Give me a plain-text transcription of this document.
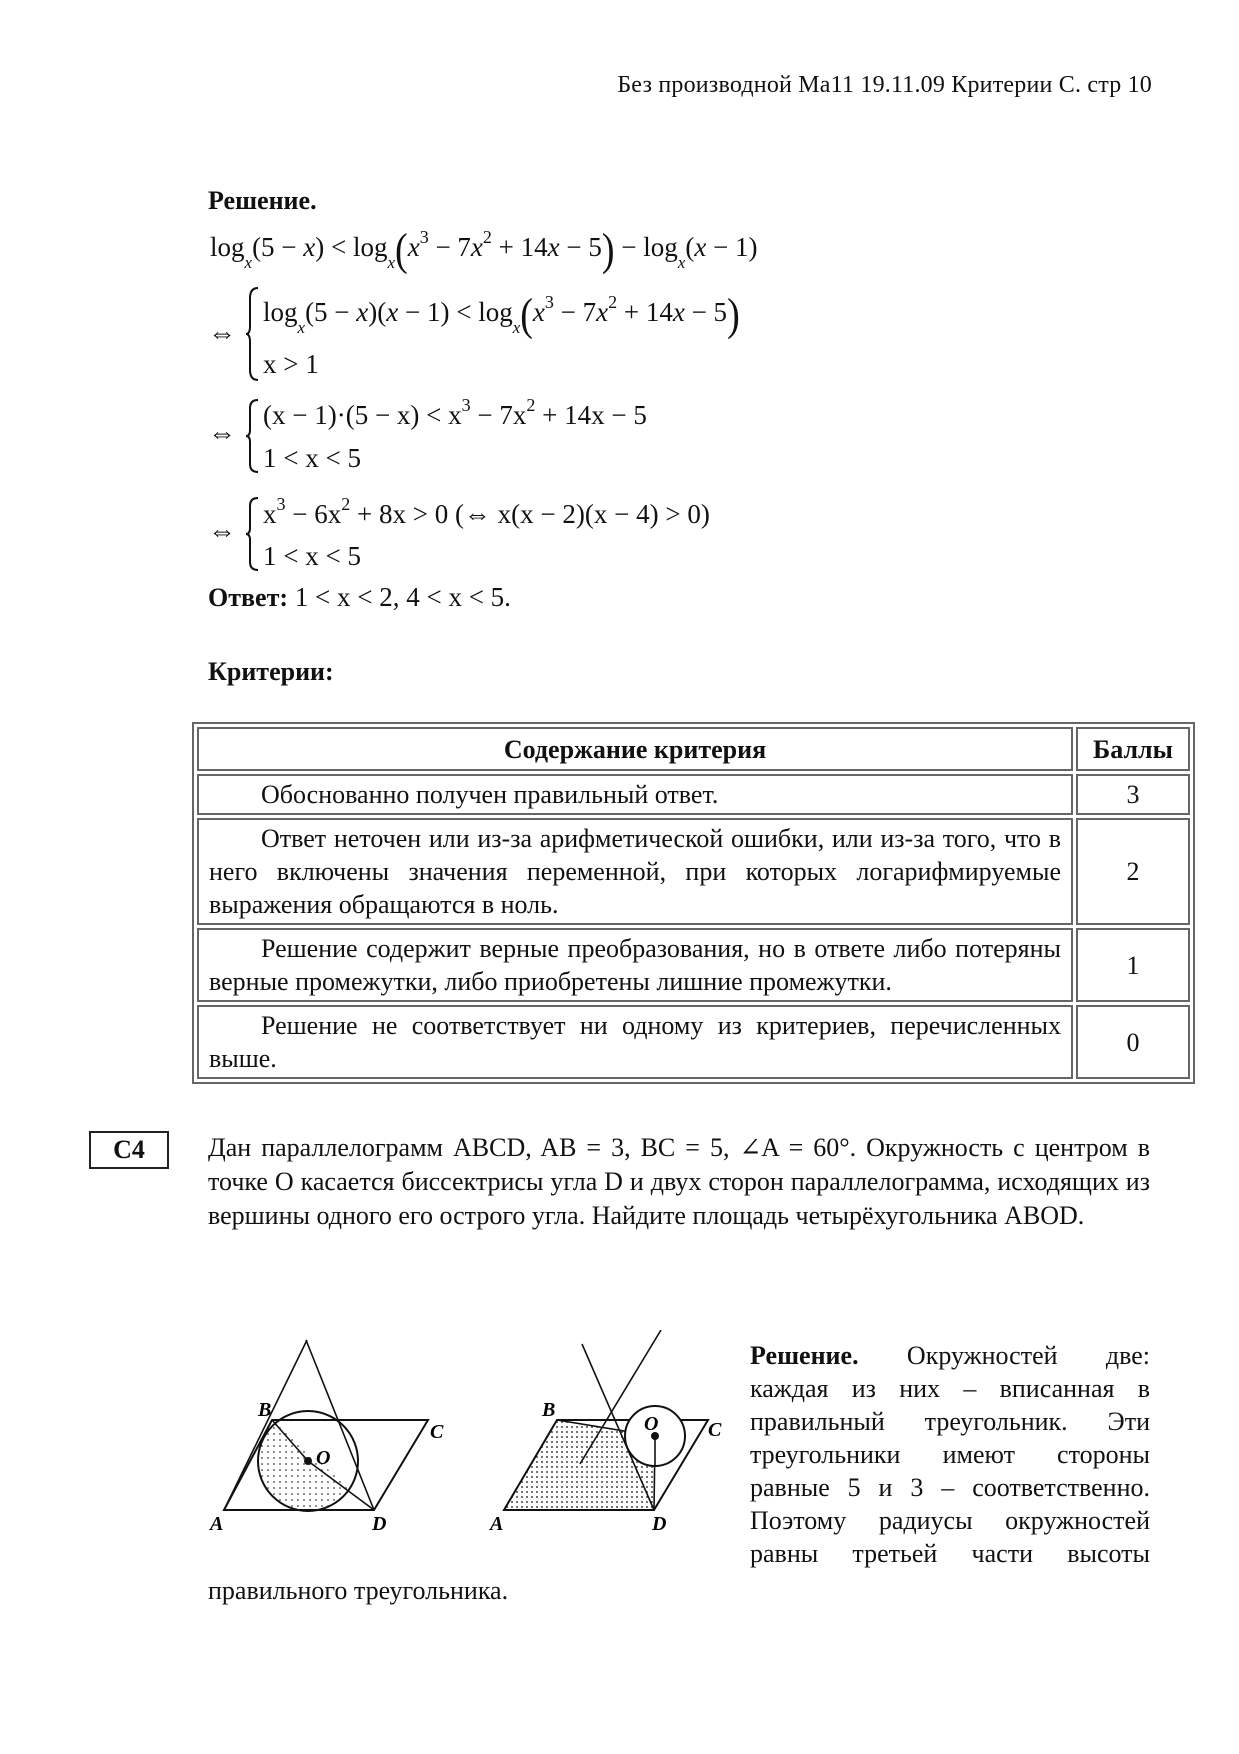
Без производной Ма11 19.11.09 Критерии С. стр 10
Решение.
$\log_x(5 - x) < \log_x(x^3 - 7x^2 + 14x - 5) - \log_x(x - 1)$
⇔
$\log_x(5 - x)(x - 1) < \log_x(x^3 - 7x^2 + 14x - 5)$
x > 1
⇔
$(x - 1)\cdot(5 - x) < x^3 - 7x^2 + 14x - 5$
1 < x < 5
⇔
$x^3 - 6x^2 + 8x > 0$ (⇔ x(x − 2)(x − 4) > 0)
1 < x < 5
Ответ: 1 < x < 2, 4 < x < 5.
Критерии:
Содержание критерия	Баллы
Обоснованно получен правильный ответ.	3
Ответ неточен или из-за арифметической ошибки, или из-за того, что в него включены значения переменной, при которых логарифмируемые выражения обращаются в ноль.	2
Решение содержит верные преобразования, но в ответе либо потеряны верные промежутки, либо приобретены лишние промежутки.	1
Решение не соответствует ни одному из критериев, перечисленных выше.	0
С4	Дан параллелограмм ABCD, AB = 3, BC = 5, ∠A = 60°. Окружность с центром в точке O касается биссектрисы угла D и двух сторон параллелограмма, исходящих из вершины одного его острого угла. Найдите площадь четырёхугольника ABOD.
B
C
A	D
O
B
C
A	D
O
Решение. Окружностей две: каждая из них – вписанная в правильный треугольник. Эти треугольники имеют стороны равные 5 и 3 – соответственно. Поэтому радиусы окружностей равны третьей части высоты
правильного треугольника.
